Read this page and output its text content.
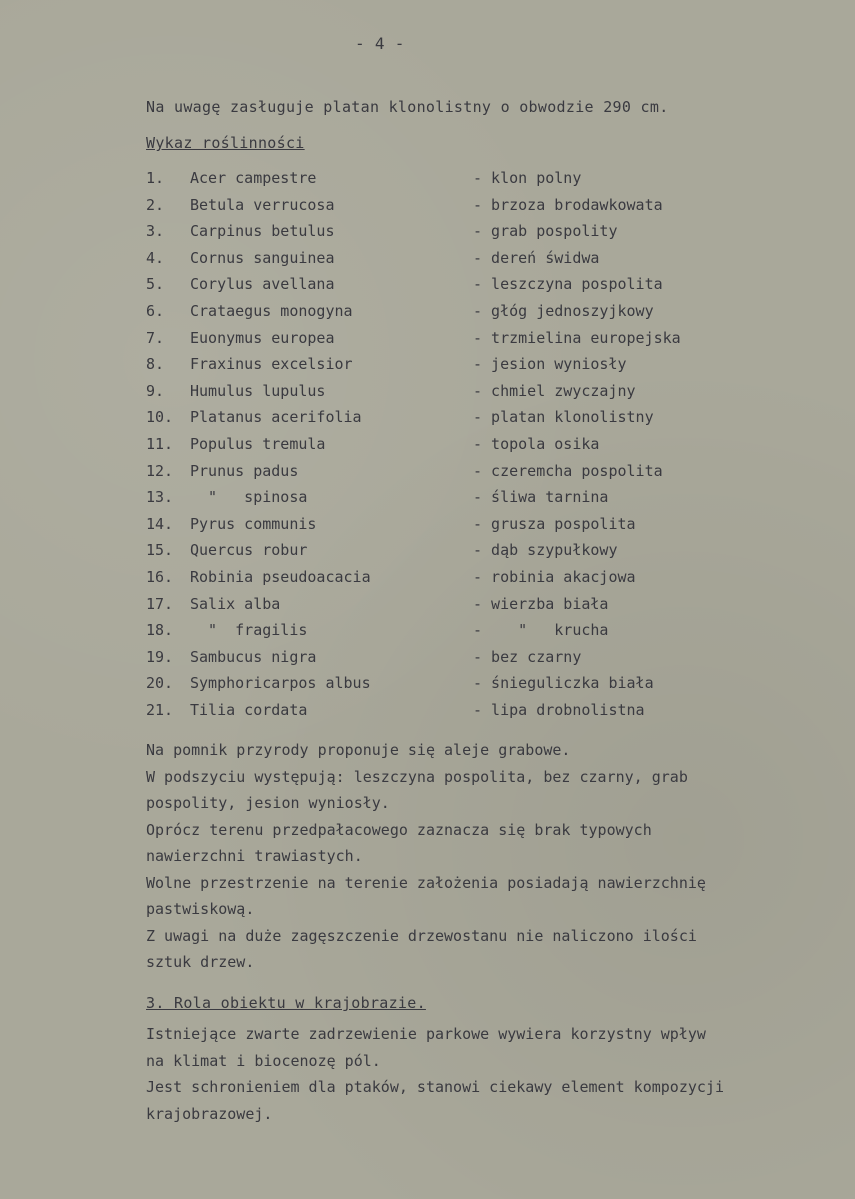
- 4 -
Na uwagę zasługuje platan klonolistny o obwodzie 290 cm.
Wykaz roślinności
1. Acer campestre	- klon polny
2. Betula verrucosa	- brzoza brodawkowata
3. Carpinus betulus	- grab pospolity
4. Cornus sanguinea	- dereń świdwa
5. Corylus avellana	- leszczyna pospolita
6. Crataegus monogyna	- głóg jednoszyjkowy
7. Euonymus europea	- trzmielina europejska
8. Fraxinus excelsior	- jesion wyniosły
9. Humulus lupulus	- chmiel zwyczajny
10. Platanus acerifolia	- platan klonolistny
11. Populus tremula	- topola osika
12. Prunus padus	- czeremcha pospolita
13. "   spinosa	- śliwa tarnina
14. Pyrus communis	- grusza pospolita
15. Quercus robur	- dąb szypułkowy
16. Robinia pseudoacacia	- robinia akacjowa
17. Salix alba	- wierzba biała
18. "  fragilis	-    "   krucha
19. Sambucus nigra	- bez czarny
20. Symphoricarpos albus	- śnieguliczka biała
21. Tilia cordata	- lipa drobnolistna
Na pomnik przyrody proponuje się aleje grabowe.
W podszyciu występują: leszczyna pospolita, bez czarny, grab
pospolity, jesion wyniosły.
Oprócz terenu przedpałacowego zaznacza się brak typowych
nawierzchni trawiastych.
Wolne przestrzenie na terenie założenia posiadają nawierzchnię
pastwiskową.
Z uwagi na duże zagęszczenie drzewostanu nie naliczono ilości
sztuk drzew.
3. Rola obiektu w krajobrazie.
Istniejące zwarte zadrzewienie parkowe wywiera korzystny wpływ
na klimat i biocenozę pól.
Jest schronieniem dla ptaków, stanowi ciekawy element kompozycji
krajobrazowej.
